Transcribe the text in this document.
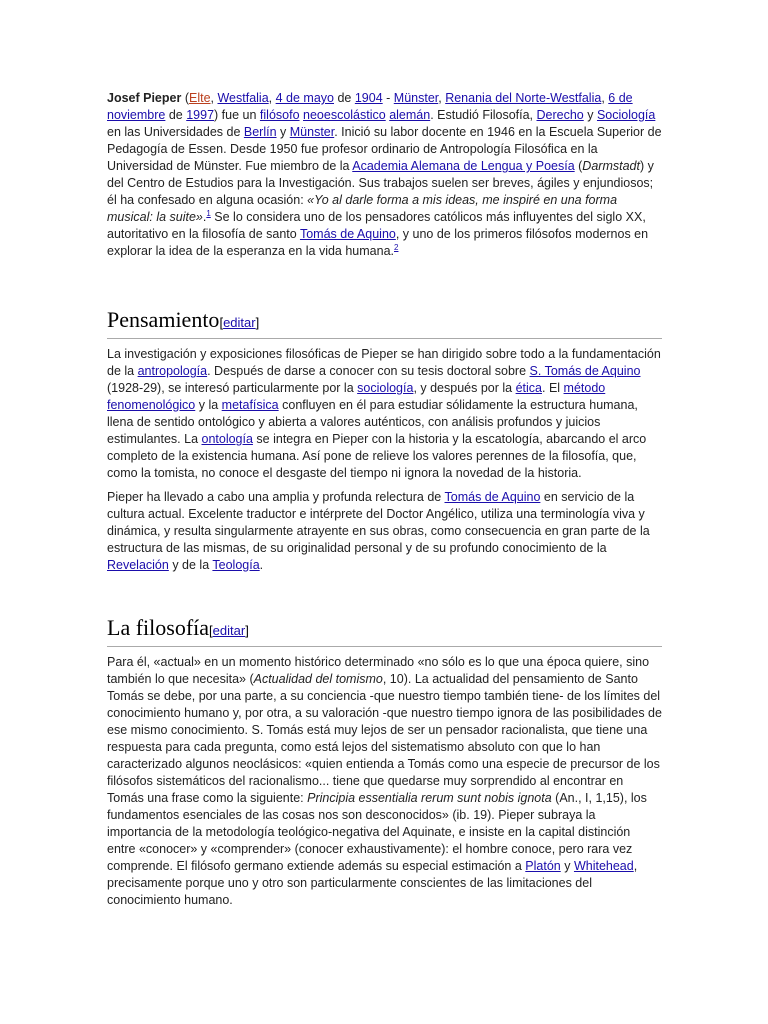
Josef Pieper (Elte, Westfalia, 4 de mayo de 1904 - Münster, Renania del Norte-Westfalia, 6 de noviembre de 1997) fue un filósofo neoescolástico alemán. Estudió Filosofía, Derecho y Sociología en las Universidades de Berlín y Münster. Inició su labor docente en 1946 en la Escuela Superior de Pedagogía de Essen. Desde 1950 fue profesor ordinario de Antropología Filosófica en la Universidad de Münster. Fue miembro de la Academia Alemana de Lengua y Poesía (Darmstadt) y del Centro de Estudios para la Investigación. Sus trabajos suelen ser breves, ágiles y enjundiosos; él ha confesado en alguna ocasión: «Yo al darle forma a mis ideas, me inspiré en una forma musical: la suite».$^1$ Se lo considera uno de los pensadores católicos más influyentes del siglo XX, autoritativo en la filosofía de santo Tomás de Aquino, y uno de los primeros filósofos modernos en explorar la idea de la esperanza en la vida humana.$^2$

Pensamiento[editar]

La investigación y exposiciones filosóficas de Pieper se han dirigido sobre todo a la fundamentación de la antropología. Después de darse a conocer con su tesis doctoral sobre S. Tomás de Aquino (1928-29), se interesó particularmente por la sociología, y después por la ética. El método fenomenológico y la metafísica confluyen en él para estudiar sólidamente la estructura humana, llena de sentido ontológico y abierta a valores auténticos, con análisis profundos y juicios estimulantes. La ontología se integra en Pieper con la historia y la escatología, abarcando el arco completo de la existencia humana. Así pone de relieve los valores perennes de la filosofía, que, como la tomista, no conoce el desgaste del tiempo ni ignora la novedad de la historia.

Pieper ha llevado a cabo una amplia y profunda relectura de Tomás de Aquino en servicio de la cultura actual. Excelente traductor e intérprete del Doctor Angélico, utiliza una terminología viva y dinámica, y resulta singularmente atrayente en sus obras, como consecuencia en gran parte de la estructura de las mismas, de su originalidad personal y de su profundo conocimiento de la Revelación y de la Teología.

La filosofía[editar]

Para él, «actual» en un momento histórico determinado «no sólo es lo que una época quiere, sino también lo que necesita» (Actualidad del tomismo, 10). La actualidad del pensamiento de Santo Tomás se debe, por una parte, a su conciencia -que nuestro tiempo también tiene- de los límites del conocimiento humano y, por otra, a su valoración -que nuestro tiempo ignora de las posibilidades de ese mismo conocimiento. S. Tomás está muy lejos de ser un pensador racionalista, que tiene una respuesta para cada pregunta, como está lejos del sistematismo absoluto con que lo han caracterizado algunos neoclásicos: «quien entienda a Tomás como una especie de precursor de los filósofos sistemáticos del racionalismo... tiene que quedarse muy sorprendido al encontrar en Tomás una frase como la siguiente: Principia essentialia rerum sunt nobis ignota (An., I, 1,15), los fundamentos esenciales de las cosas nos son desconocidos» (ib. 19). Pieper subraya la importancia de la metodología teológico-negativa del Aquinate, e insiste en la capital distinción entre «conocer» y «comprender» (conocer exhaustivamente): el hombre conoce, pero rara vez comprende. El filósofo germano extiende además su especial estimación a Platón y Whitehead, precisamente porque uno y otro son particularmente conscientes de las limitaciones del conocimiento humano.
